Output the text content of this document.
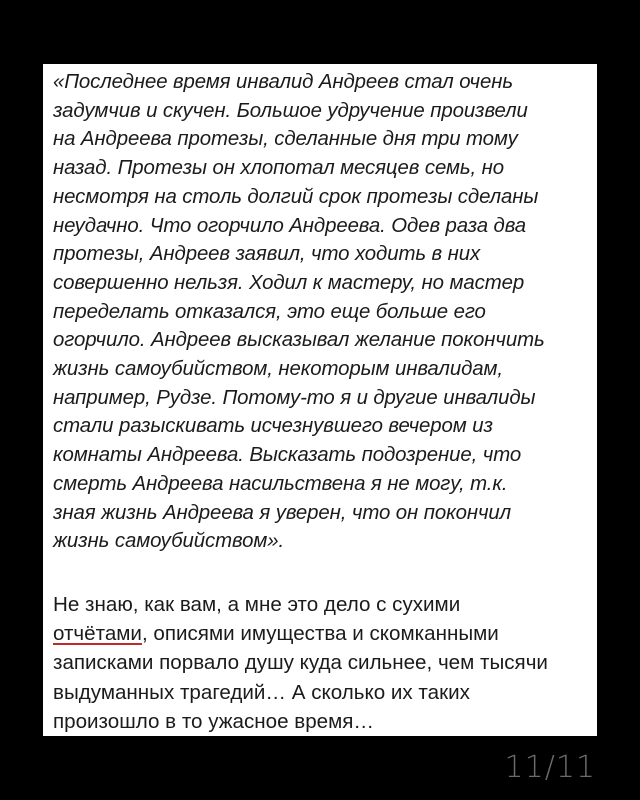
«Последнее время инвалид Андреев стал очень
задумчив и скучен. Большое удручение произвели
на Андреева протезы, сделанные дня три тому
назад. Протезы он хлопотал месяцев семь, но
несмотря на столь долгий срок протезы сделаны
неудачно. Что огорчило Андреева. Одев раза два
протезы, Андреев заявил, что ходить в них
совершенно нельзя. Ходил к мастеру, но мастер
переделать отказался, это еще больше его
огорчило. Андреев высказывал желание покончить
жизнь самоубийством, некоторым инвалидам,
например, Рудзе. Потому-то я и другие инвалиды
стали разыскивать исчезнувшего вечером из
комнаты Андреева. Высказать подозрение, что
смерть Андреева насильствена я не могу, т.к.
зная жизнь Андреева я уверен, что он покончил
жизнь самоубийством».

Не знаю, как вам, а мне это дело с сухими
отчётами, описями имущества и скомканными
записками порвало душу куда сильнее, чем тысячи
выдуманных трагедий… А сколько их таких
произошло в то ужасное время…

11/11
